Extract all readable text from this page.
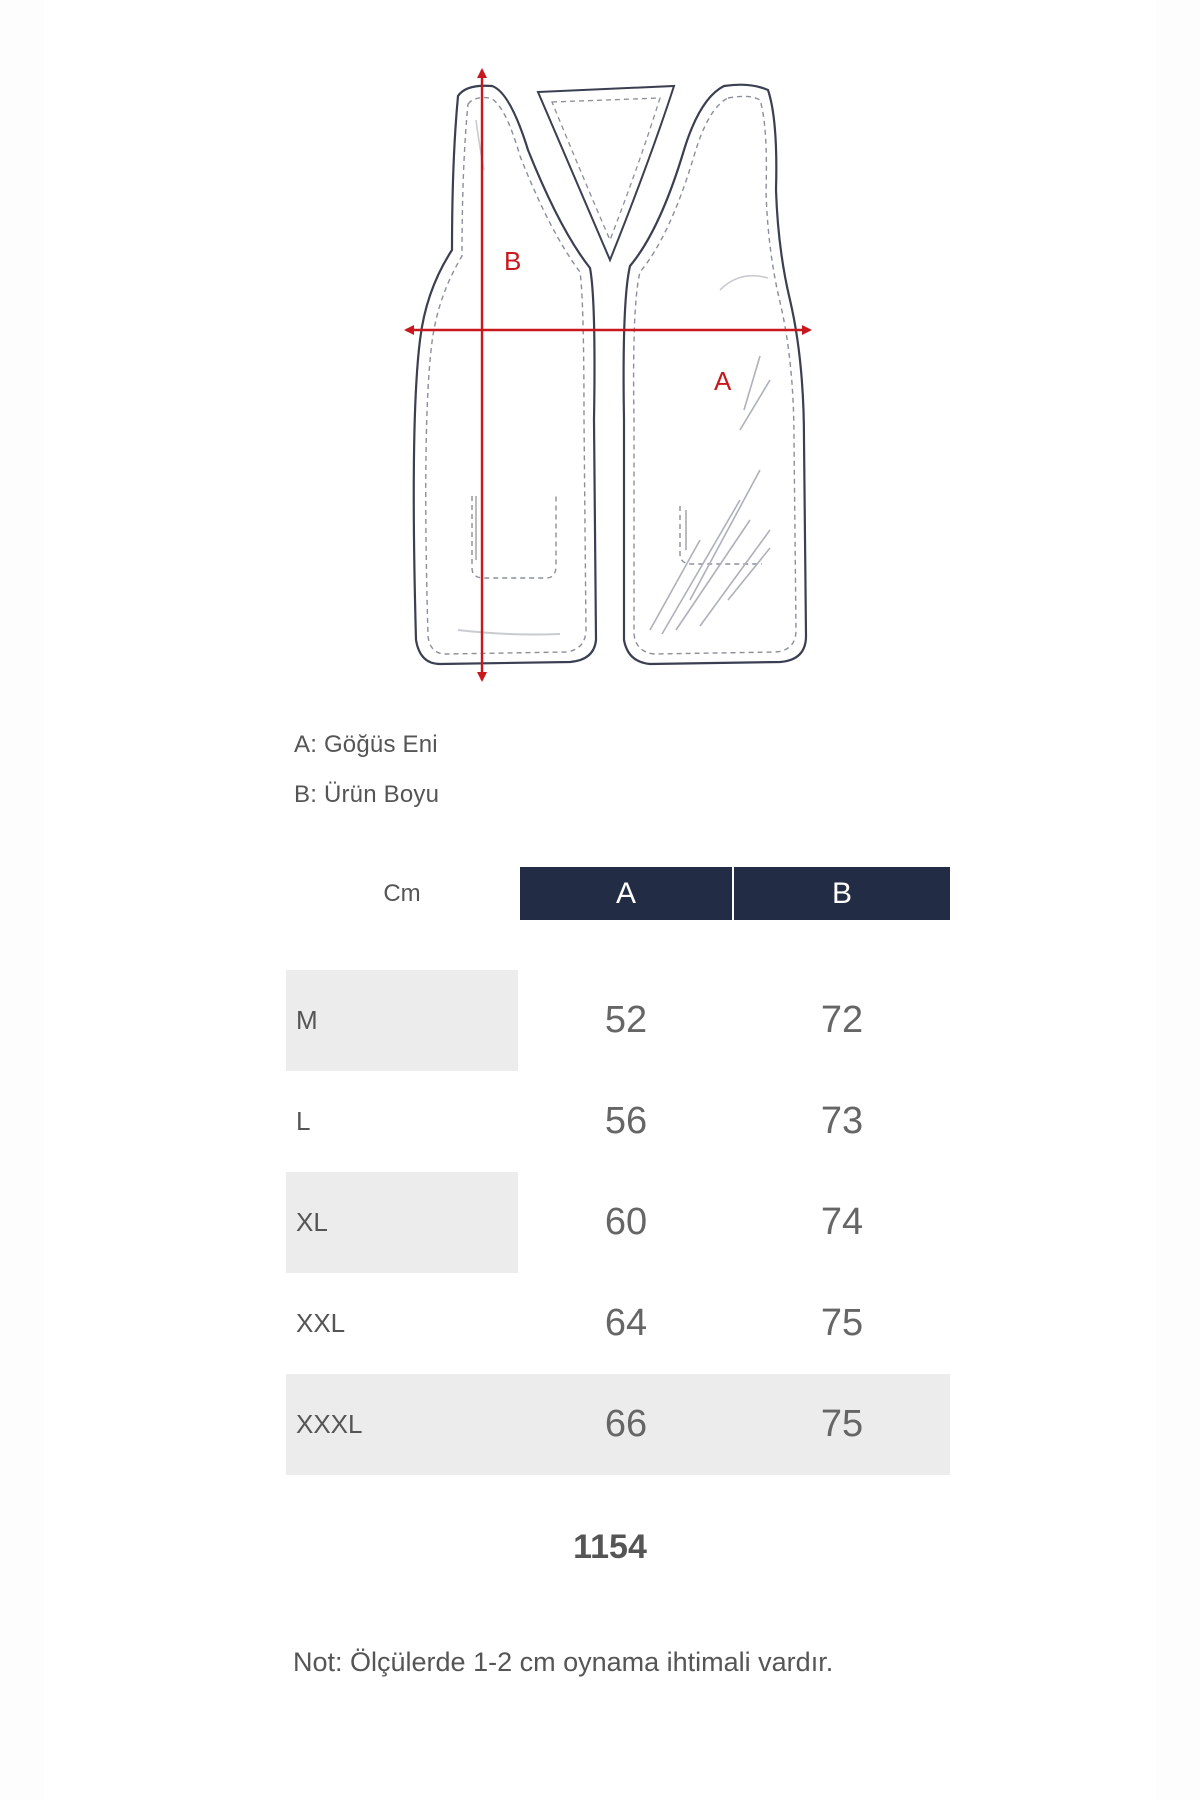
B
A
A: Göğüs Eni
B: Ürün Boyu
Cm	A	B
M	52	72
L	56	73
XL	60	74
XXL	64	75
XXXL	66	75
1154
Not: Ölçülerde 1-2 cm oynama ihtimali vardır.
